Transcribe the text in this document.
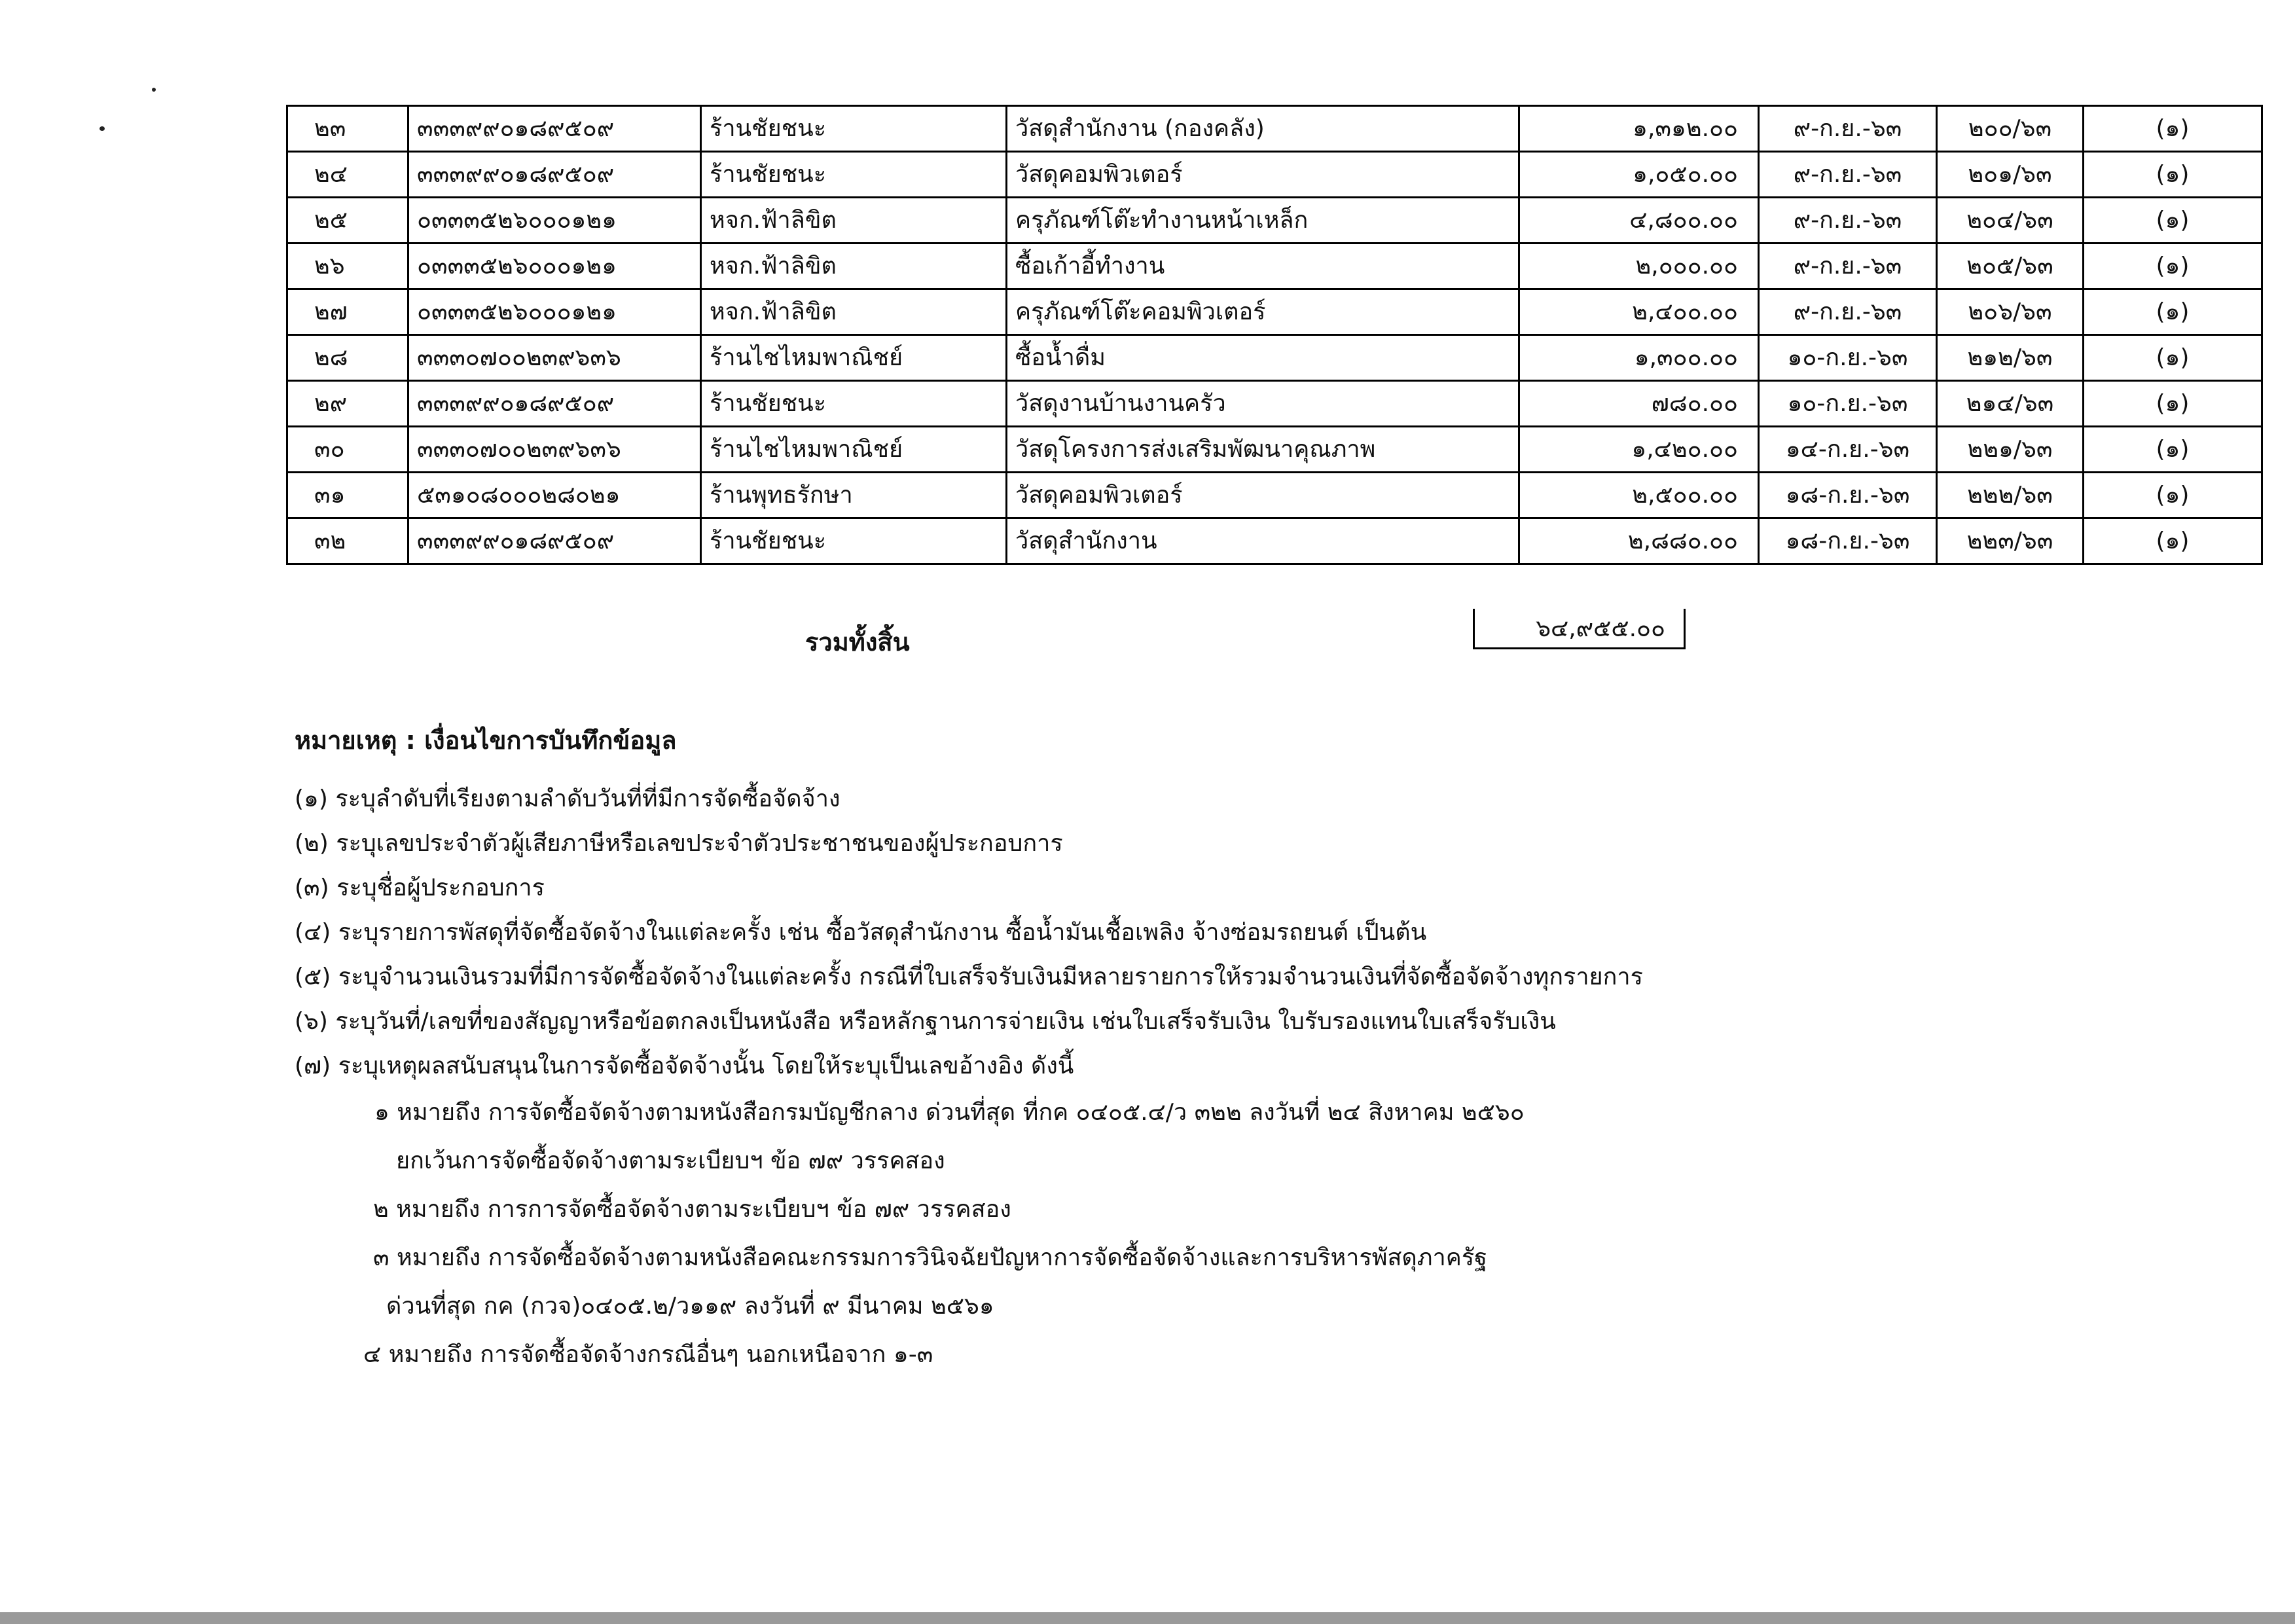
๒๓	๓๓๓๙๙๐๑๘๙๕๐๙	ร้านชัยชนะ	วัสดุสำนักงาน (กองคลัง)	๑,๓๑๒.๐๐	๙-ก.ย.-๖๓	๒๐๐/๖๓	(๑)
๒๔	๓๓๓๙๙๐๑๘๙๕๐๙	ร้านชัยชนะ	วัสดุคอมพิวเตอร์	๑,๐๕๐.๐๐	๙-ก.ย.-๖๓	๒๐๑/๖๓	(๑)
๒๕	๐๓๓๓๕๒๖๐๐๐๑๒๑	หจก.ฟ้าลิขิต	ครุภัณฑ์โต๊ะทำงานหน้าเหล็ก	๔,๘๐๐.๐๐	๙-ก.ย.-๖๓	๒๐๔/๖๓	(๑)
๒๖	๐๓๓๓๕๒๖๐๐๐๑๒๑	หจก.ฟ้าลิขิต	ซื้อเก้าอี้ทำงาน	๒,๐๐๐.๐๐	๙-ก.ย.-๖๓	๒๐๕/๖๓	(๑)
๒๗	๐๓๓๓๕๒๖๐๐๐๑๒๑	หจก.ฟ้าลิขิต	ครุภัณฑ์โต๊ะคอมพิวเตอร์	๒,๔๐๐.๐๐	๙-ก.ย.-๖๓	๒๐๖/๖๓	(๑)
๒๘	๓๓๓๐๗๐๐๒๓๙๖๓๖	ร้านไชไหมพาณิชย์	ซื้อน้ำดื่ม	๑,๓๐๐.๐๐	๑๐-ก.ย.-๖๓	๒๑๒/๖๓	(๑)
๒๙	๓๓๓๙๙๐๑๘๙๕๐๙	ร้านชัยชนะ	วัสดุงานบ้านงานครัว	๗๘๐.๐๐	๑๐-ก.ย.-๖๓	๒๑๔/๖๓	(๑)
๓๐	๓๓๓๐๗๐๐๒๓๙๖๓๖	ร้านไชไหมพาณิชย์	วัสดุโครงการส่งเสริมพัฒนาคุณภาพ	๑,๔๒๐.๐๐	๑๔-ก.ย.-๖๓	๒๒๑/๖๓	(๑)
๓๑	๕๓๑๐๘๐๐๐๒๘๐๒๑	ร้านพุทธรักษา	วัสดุคอมพิวเตอร์	๒,๕๐๐.๐๐	๑๘-ก.ย.-๖๓	๒๒๒/๖๓	(๑)
๓๒	๓๓๓๙๙๐๑๘๙๕๐๙	ร้านชัยชนะ	วัสดุสำนักงาน	๒,๘๘๐.๐๐	๑๘-ก.ย.-๖๓	๒๒๓/๖๓	(๑)
รวมทั้งสิ้น	๖๔,๙๕๕.๐๐
หมายเหตุ : เงื่อนไขการบันทึกข้อมูล
(๑) ระบุลำดับที่เรียงตามลำดับวันที่ที่มีการจัดซื้อจัดจ้าง
(๒) ระบุเลขประจำตัวผู้เสียภาษีหรือเลขประจำตัวประชาชนของผู้ประกอบการ
(๓) ระบุชื่อผู้ประกอบการ
(๔) ระบุรายการพัสดุที่จัดซื้อจัดจ้างในแต่ละครั้ง เช่น ซื้อวัสดุสำนักงาน ซื้อน้ำมันเชื้อเพลิง จ้างซ่อมรถยนต์ เป็นต้น
(๕) ระบุจำนวนเงินรวมที่มีการจัดซื้อจัดจ้างในแต่ละครั้ง กรณีที่ใบเสร็จรับเงินมีหลายรายการให้รวมจำนวนเงินที่จัดซื้อจัดจ้างทุกรายการ
(๖) ระบุวันที่/เลขที่ของสัญญาหรือข้อตกลงเป็นหนังสือ หรือหลักฐานการจ่ายเงิน เช่นใบเสร็จรับเงิน ใบรับรองแทนใบเสร็จรับเงิน
(๗) ระบุเหตุผลสนับสนุนในการจัดซื้อจัดจ้างนั้น โดยให้ระบุเป็นเลขอ้างอิง ดังนี้
๑ หมายถึง การจัดซื้อจัดจ้างตามหนังสือกรมบัญชีกลาง ด่วนที่สุด ที่กค ๐๔๐๕.๔/ว ๓๒๒ ลงวันที่ ๒๔ สิงหาคม ๒๕๖๐
ยกเว้นการจัดซื้อจัดจ้างตามระเบียบฯ ข้อ ๗๙ วรรคสอง
๒ หมายถึง การการจัดซื้อจัดจ้างตามระเบียบฯ ข้อ ๗๙ วรรคสอง
๓ หมายถึง การจัดซื้อจัดจ้างตามหนังสือคณะกรรมการวินิจฉัยปัญหาการจัดซื้อจัดจ้างและการบริหารพัสดุภาครัฐ
ด่วนที่สุด กค (กวจ)๐๔๐๕.๒/ว๑๑๙ ลงวันที่ ๙ มีนาคม ๒๕๖๑
๔ หมายถึง การจัดซื้อจัดจ้างกรณีอื่นๆ นอกเหนือจาก ๑-๓
